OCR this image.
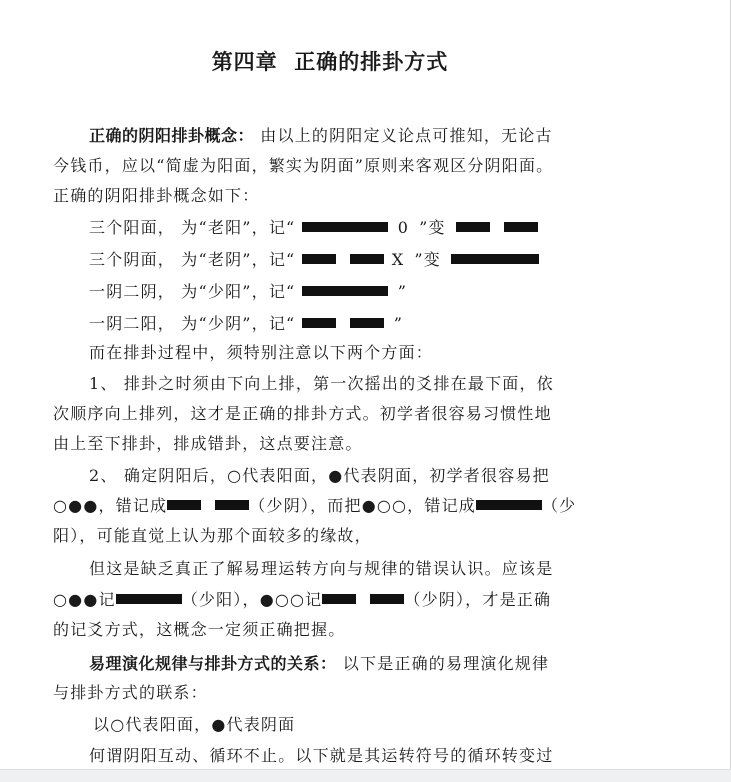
第四章  正确的排卦方式
正确的阴阳排卦概念： 由以上的阴阳定义论点可推知，无论古
今钱币，应以“简虚为阳面，繁实为阴面”原则来客观区分阴阳面。
正确的阴阳排卦概念如下：
三个阳面， 为“老阳”，记“	0 ”变
三个阴面， 为“老阴”，记“	X ”变
一阴二阴， 为“少阳”，记“	”
一阴二阳， 为“少阴”，记“	”
而在排卦过程中，须特别注意以下两个方面：
1、 排卦之时须由下向上排，第一次摇出的爻排在最下面，依
次顺序向上排列，这才是正确的排卦方式。初学者很容易习惯性地
由上至下排卦，排成错卦，这点要注意。
2、 确定阴阳后，○代表阳面，●代表阴面，初学者很容易把
○●●，错记成	（少阴），而把●○○，错记成	（少
阳），可能直觉上认为那个面较多的缘故，
但这是缺乏真正了解易理运转方向与规律的错误认识。应该是
○●●记	（少阳），●○○记	（少阴），才是正确
的记爻方式，这概念一定须正确把握。
易理演化规律与排卦方式的关系： 以下是正确的易理演化规律
与排卦方式的联系：
以○代表阳面，●代表阴面
何谓阴阳互动、循环不止。以下就是其运转符号的循环转变过
